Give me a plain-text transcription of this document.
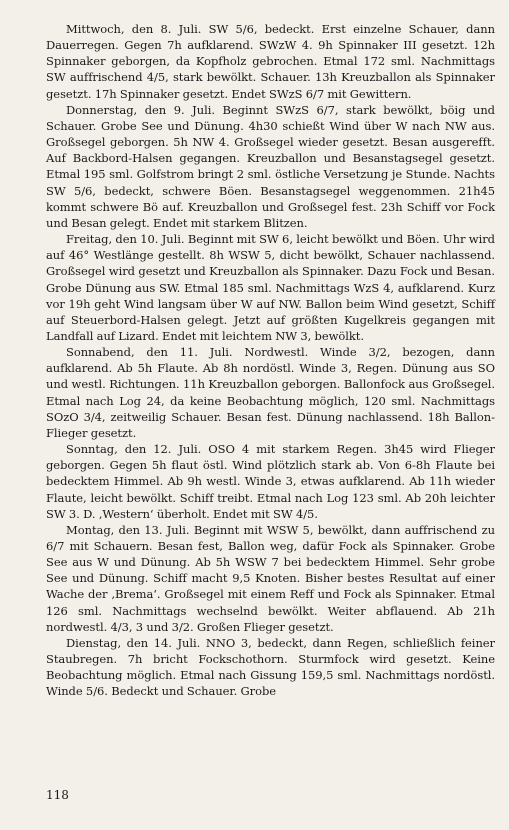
Mittwoch, den 8. Juli. SW 5/6, bedeckt. Erst einzelne Schauer, dann Dauerregen. Gegen 7h aufklarend. SWzW 4. 9h Spinnaker III gesetzt. 12h Spinnaker geborgen, da Kopfholz gebrochen. Etmal 172 sml. Nachmittags SW auffrischend 4/5, stark bewölkt. Schauer. 13h Kreuzballon als Spinnaker gesetzt. 17h Spinnaker gesetzt. Endet SWzS 6/7 mit Gewittern.

Donnerstag, den 9. Juli. Beginnt SWzS 6/7, stark bewölkt, böig und Schauer. Grobe See und Dünung. 4h30 schießt Wind über W nach NW aus. Großsegel geborgen. 5h NW 4. Großsegel wieder gesetzt. Besan ausgerefft. Auf Backbord-Halsen gegangen. Kreuzballon und Besanstagsegel gesetzt. Etmal 195 sml. Golfstrom bringt 2 sml. östliche Versetzung je Stunde. Nachts SW 5/6, bedeckt, schwere Böen. Besanstagsegel weggenommen. 21h45 kommt schwere Bö auf. Kreuzballon und Großsegel fest. 23h Schiff vor Fock und Besan gelegt. Endet mit starkem Blitzen.

Freitag, den 10. Juli. Beginnt mit SW 6, leicht bewölkt und Böen. Uhr wird auf 46° Westlänge gestellt. 8h WSW 5, dicht bewölkt, Schauer nachlassend. Großsegel wird gesetzt und Kreuzballon als Spinnaker. Dazu Fock und Besan. Grobe Dünung aus SW. Etmal 185 sml. Nachmittags WzS 4, aufklarend. Kurz vor 19h geht Wind langsam über W auf NW. Ballon beim Wind gesetzt, Schiff auf Steuerbord-Halsen gelegt. Jetzt auf größten Kugelkreis gegangen mit Landfall auf Lizard. Endet mit leichtem NW 3, bewölkt.

Sonnabend, den 11. Juli. Nordwestl. Winde 3/2, bezogen, dann aufklarend. Ab 5h Flaute. Ab 8h nordöstl. Winde 3, Regen. Dünung aus SO und westl. Richtungen. 11h Kreuzballon geborgen. Ballonfock aus Großsegel. Etmal nach Log 24, da keine Beobachtung möglich, 120 sml. Nachmittags SOzO 3/4, zeitweilig Schauer. Besan fest. Dünung nachlassend. 18h Ballon-Flieger gesetzt.

Sonntag, den 12. Juli. OSO 4 mit starkem Regen. 3h45 wird Flieger geborgen. Gegen 5h flaut östl. Wind plötzlich stark ab. Von 6-8h Flaute bei bedecktem Himmel. Ab 9h westl. Winde 3, etwas aufklarend. Ab 11h wieder Flaute, leicht bewölkt. Schiff treibt. Etmal nach Log 123 sml. Ab 20h leichter SW 3. D. ‚Western‘ überholt. Endet mit SW 4/5.

Montag, den 13. Juli. Beginnt mit WSW 5, bewölkt, dann auffrischend zu 6/7 mit Schauern. Besan fest, Ballon weg, dafür Fock als Spinnaker. Grobe See aus W und Dünung. Ab 5h WSW 7 bei bedecktem Himmel. Sehr grobe See und Dünung. Schiff macht 9,5 Knoten. Bisher bestes Resultat auf einer Wache der ‚Brema‘. Großsegel mit einem Reff und Fock als Spinnaker. Etmal 126 sml. Nachmittags wechselnd bewölkt. Weiter abflauend. Ab 21h nordwestl. 4/3, 3 und 3/2. Großen Flieger gesetzt.

Dienstag, den 14. Juli. NNO 3, bedeckt, dann Regen, schließlich feiner Staubregen. 7h bricht Fockschothorn. Sturmfock wird gesetzt. Keine Beobachtung möglich. Etmal nach Gissung 159,5 sml. Nachmittags nordöstl. Winde 5/6. Bedeckt und Schauer. Grobe

118
